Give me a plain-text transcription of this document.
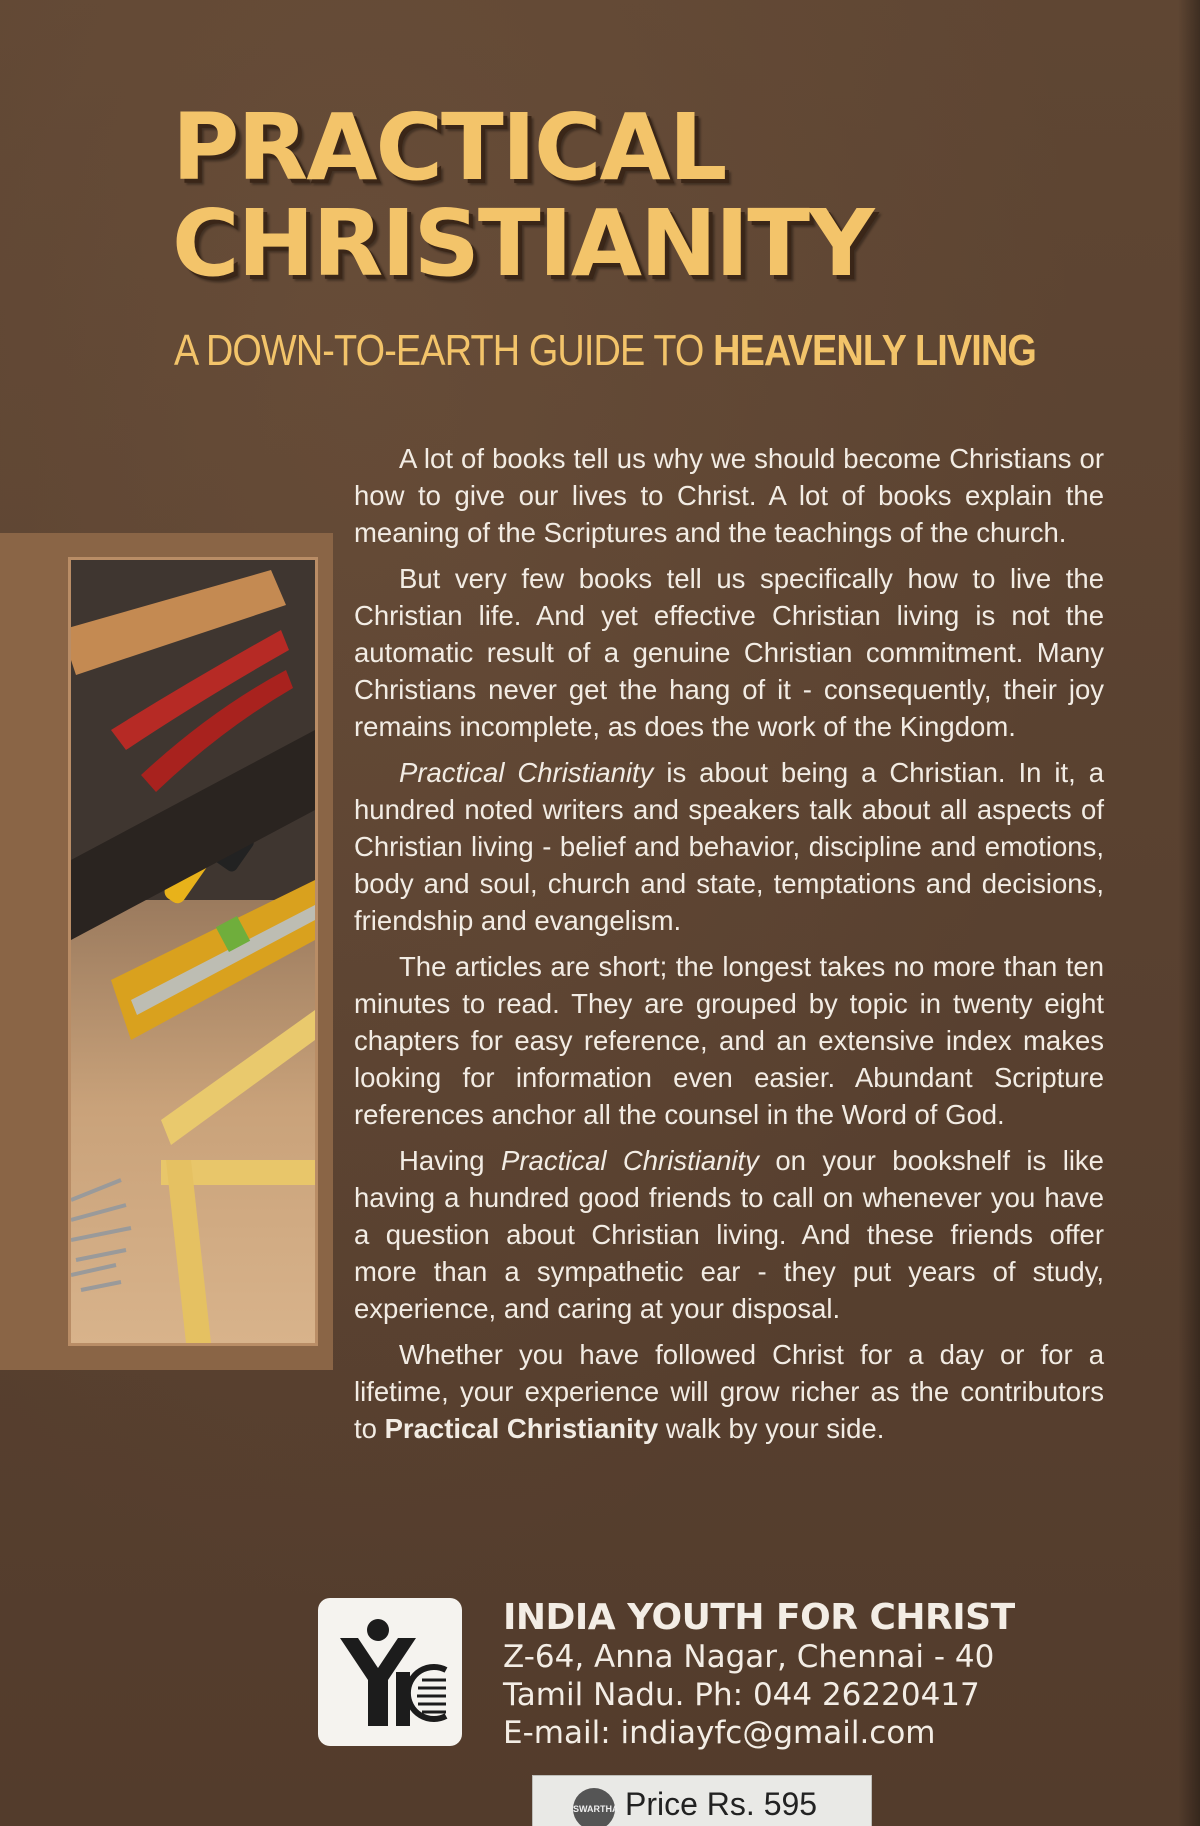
PRACTICAL
CHRISTIANITY
A DOWN-TO-EARTH GUIDE TO HEAVENLY LIVING

A lot of books tell us why we should become Christians or how to give our lives to Christ. A lot of books explain the meaning of the Scriptures and the teachings of the church.

But very few books tell us specifically how to live the Christian life. And yet effective Christian living is not the automatic result of a genuine Christian commitment. Many Christians never get the hang of it - consequently, their joy remains incomplete, as does the work of the Kingdom.

Practical Christianity is about being a Christian. In it, a hundred noted writers and speakers talk about all aspects of Christian living - belief and behavior, discipline and emotions, body and soul, church and state, temptations and decisions, friendship and evangelism.

The articles are short; the longest takes no more than ten minutes to read. They are grouped by topic in twenty eight chapters for easy reference, and an extensive index makes looking for information even easier. Abundant Scripture references anchor all the counsel in the Word of God.

Having Practical Christianity on your bookshelf is like having a hundred good friends to call on whenever you have a question about Christian living. And these friends offer more than a sympathetic ear - they put years of study, experience, and caring at your disposal.

Whether you have followed Christ for a day or for a lifetime, your experience will grow richer as the contributors to Practical Christianity walk by your side.

INDIA YOUTH FOR CHRIST
Z-64, Anna Nagar, Chennai - 40
Tamil Nadu. Ph: 044 26220417
E-mail: indiayfc@gmail.com
SWARTHA Price Rs. 595
